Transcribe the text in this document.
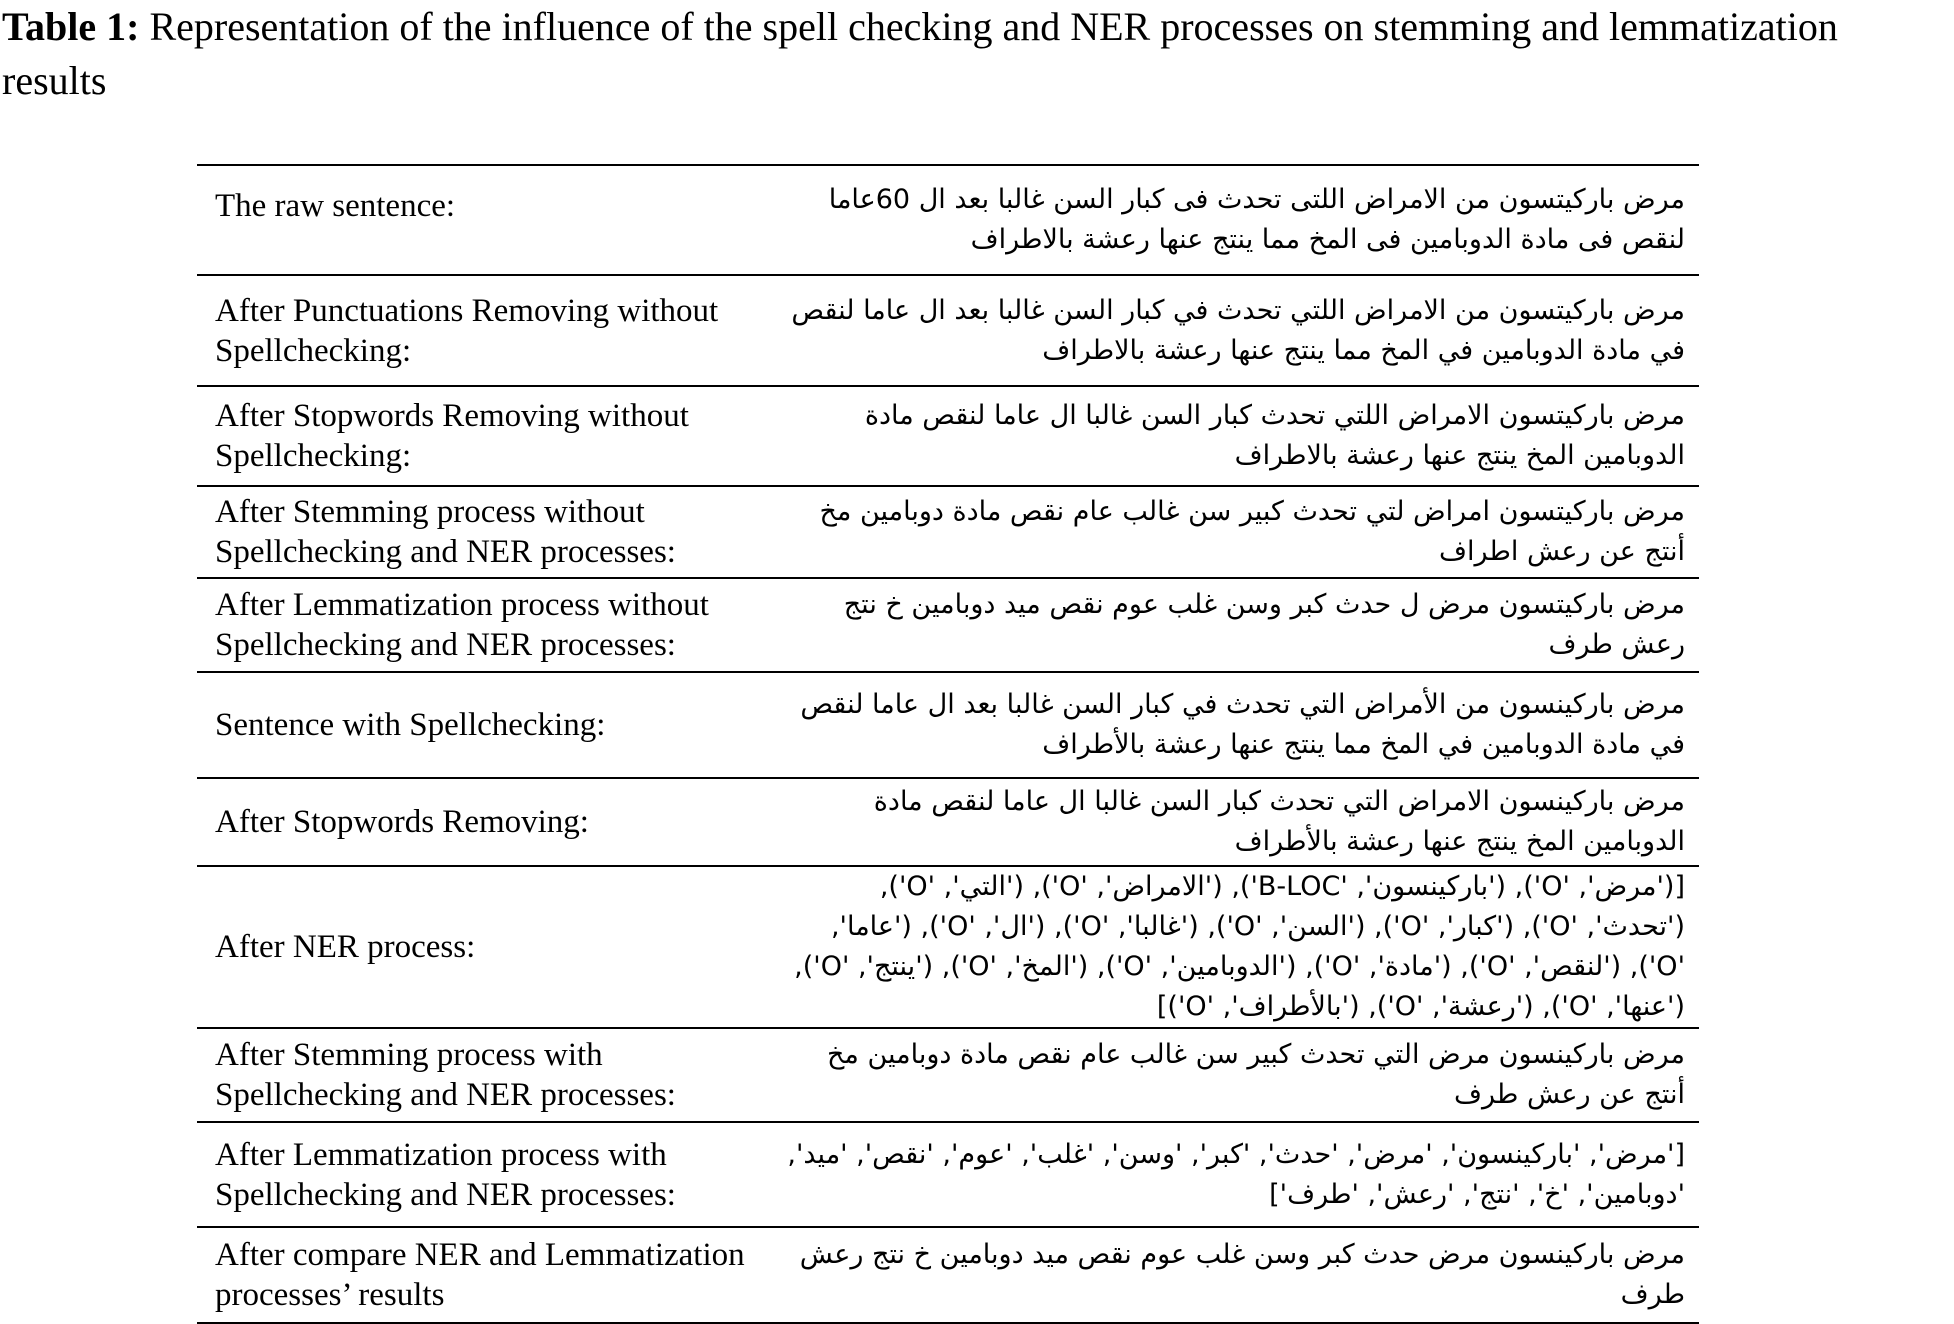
Table 1: Representation of the influence of the spell checking and NER processes on stemming and lemmatization results
The raw sentence:	مرض باركيتسون من الامراض اللتى تحدث فى كبار السن غالبا بعد ال 60عاما لنقص فى مادة الدوبامين فى المخ مما ينتج عنها رعشة بالاطراف
After Punctuations Removing without Spellchecking:	مرض باركيتسون من الامراض اللتي تحدث في كبار السن غالبا بعد ال عاما لنقص في مادة الدوبامين في المخ مما ينتج عنها رعشة بالاطراف
After Stopwords Removing without Spellchecking:	مرض باركيتسون الامراض اللتي تحدث كبار السن غالبا ال عاما لنقص مادة الدوبامين المخ ينتج عنها رعشة بالاطراف
After Stemming process without Spellchecking and NER processes:	مرض باركيتسون امراض لتي تحدث كبير سن غالب عام نقص مادة دوبامين مخ أنتج عن رعش اطراف
After Lemmatization process without Spellchecking and NER processes:	مرض باركيتسون مرض ل حدث كبر وسن غلب عوم نقص ميد دوبامين خ نتج رعش طرف
Sentence with Spellchecking:	مرض باركينسون من الأمراض التي تحدث في كبار السن غالبا بعد ال عاما لنقص في مادة الدوبامين في المخ مما ينتج عنها رعشة بالأطراف
After Stopwords Removing:	مرض باركينسون الامراض التي تحدث كبار السن غالبا ال عاما لنقص مادة الدوبامين المخ ينتج عنها رعشة بالأطراف
After NER process:	[('مرض', 'O'), ('باركينسون', 'B-LOC'), ('الامراض', 'O'), ('التي', 'O'), ('تحدث', 'O'), ('كبار', 'O'), ('السن', 'O'), ('غالبا', 'O'), ('ال', 'O'), ('عاما', 'O'), ('لنقص', 'O'), ('مادة', 'O'), ('الدوبامين', 'O'), ('المخ', 'O'), ('ينتج', 'O'), ('عنها', 'O'), ('رعشة', 'O'), ('بالأطراف', 'O')]
After Stemming process with Spellchecking and NER processes:	مرض باركينسون مرض التي تحدث كبير سن غالب عام نقص مادة دوبامين مخ أنتج عن رعش طرف
After Lemmatization process with Spellchecking and NER processes:	['مرض', 'باركينسون', 'مرض', 'حدث', 'كبر', 'وسن', 'غلب', 'عوم', 'نقص', 'ميد', 'دوبامين', 'خ', 'نتج', 'رعش', 'طرف']
After compare NER and Lemmatization processes’ results	مرض باركينسون مرض حدث كبر وسن غلب عوم نقص ميد دوبامين خ نتج رعش طرف
